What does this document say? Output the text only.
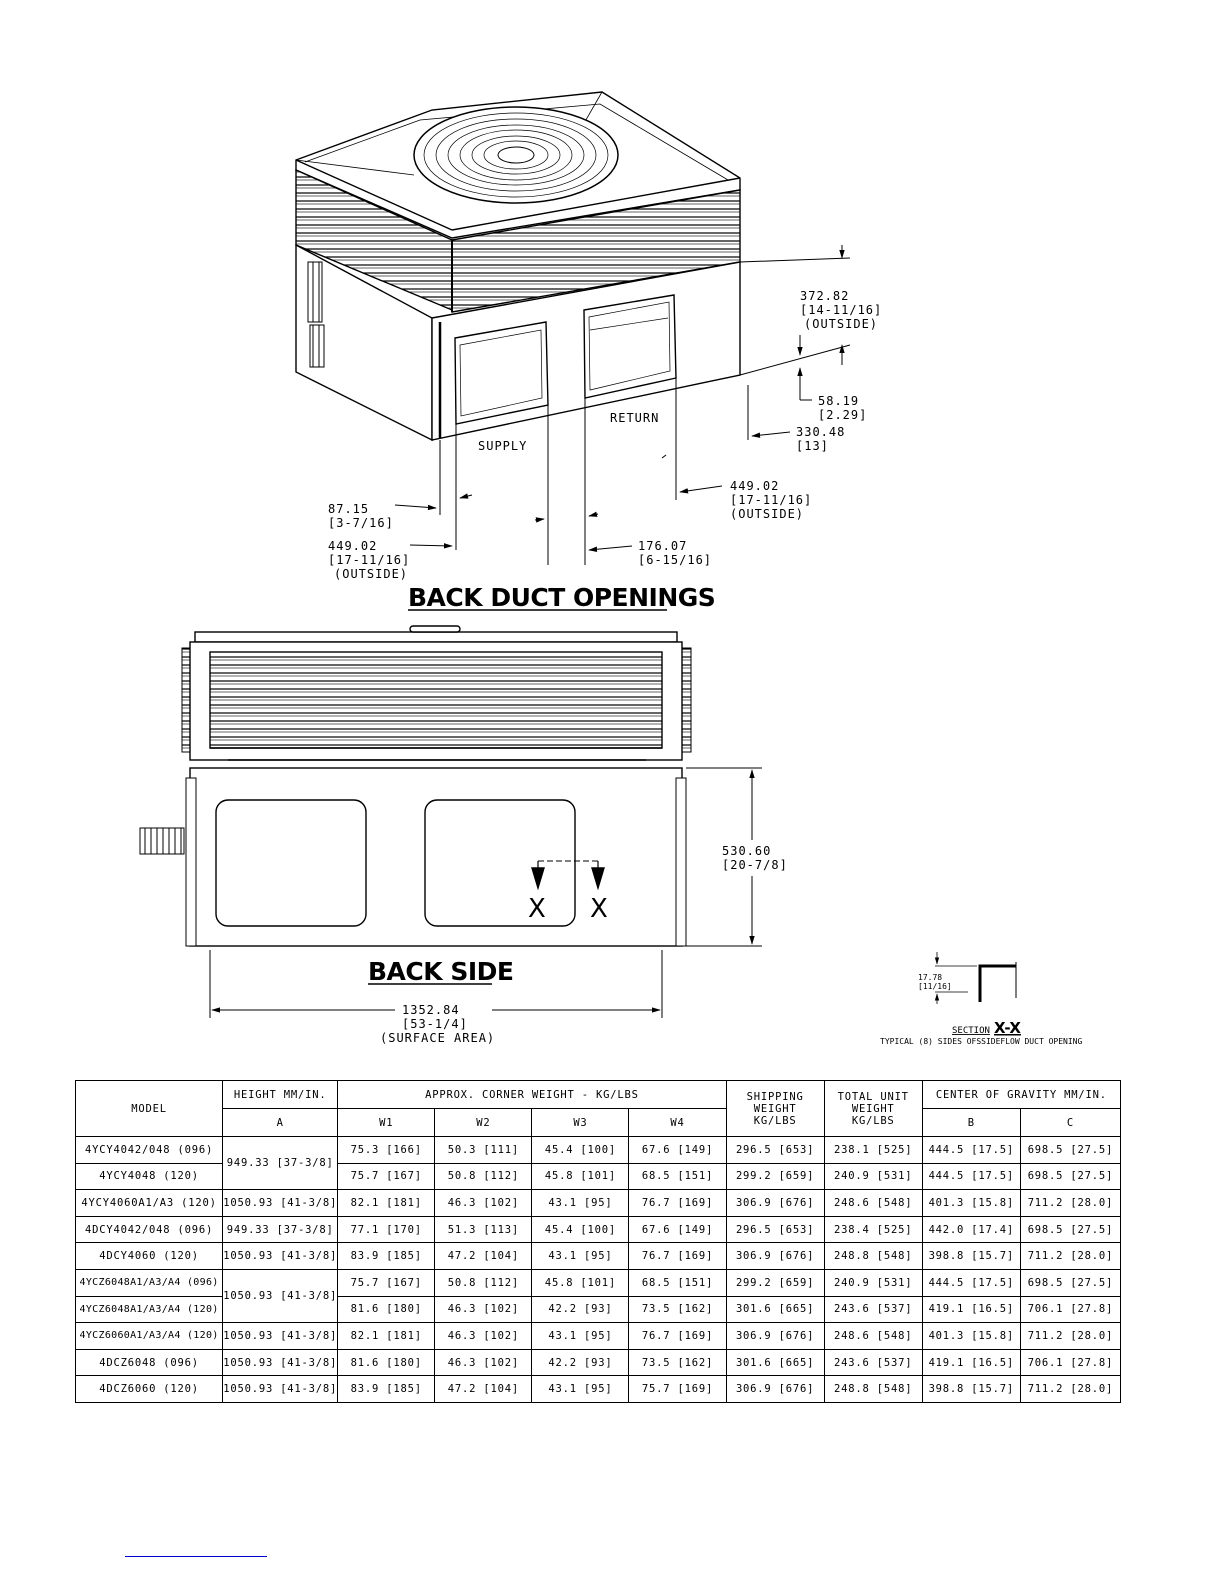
SUPPLY
RETURN
372.82
[14-11/16]
(OUTSIDE)
58.19
[2.29]
330.48
[13]
449.02
[17-11/16]
(OUTSIDE)
87.15
[3-7/16]
449.02
[17-11/16]
(OUTSIDE)
176.07
[6-15/16]
BACK DUCT OPENINGS
X X
530.60
[20-7/8]
1352.84
[53-1/4]
(SURFACE AREA)
BACK SIDE	17.78
[11/16]
SECTION X-X
TYPICAL (8) SIDES OFSSIDEFLOW DUCT OPENING
MODEL	HEIGHT MM/IN.	APPROX. CORNER WEIGHT - KG/LBS				SHIPPING
WEIGHT
KG/LBS	TOTAL UNIT
WEIGHT
KG/LBS	CENTER OF GRAVITY MM/IN.	
	A	W1	W2	W3	W4			B	C
4YCY4042/048 (096)	949.33 [37-3/8]	75.3 [166]	50.3 [111]	45.4 [100]	67.6 [149]	296.5 [653]	238.1 [525]	444.5 [17.5]	698.5 [27.5]
4YCY4048 (120)		75.7 [167]	50.8 [112]	45.8 [101]	68.5 [151]	299.2 [659]	240.9 [531]	444.5 [17.5]	698.5 [27.5]
4YCY4060A1/A3 (120)	1050.93 [41-3/8]	82.1 [181]	46.3 [102]	43.1 [95]	76.7 [169]	306.9 [676]	248.6 [548]	401.3 [15.8]	711.2 [28.0]
4DCY4042/048 (096)	949.33 [37-3/8]	77.1 [170]	51.3 [113]	45.4 [100]	67.6 [149]	296.5 [653]	238.4 [525]	442.0 [17.4]	698.5 [27.5]
4DCY4060 (120)	1050.93 [41-3/8]	83.9 [185]	47.2 [104]	43.1 [95]	76.7 [169]	306.9 [676]	248.8 [548]	398.8 [15.7]	711.2 [28.0]
4YCZ6048A1/A3/A4 (096)	1050.93 [41-3/8]	75.7 [167]	50.8 [112]	45.8 [101]	68.5 [151]	299.2 [659]	240.9 [531]	444.5 [17.5]	698.5 [27.5]
4YCZ6048A1/A3/A4 (120)		81.6 [180]	46.3 [102]	42.2 [93]	73.5 [162]	301.6 [665]	243.6 [537]	419.1 [16.5]	706.1 [27.8]
4YCZ6060A1/A3/A4 (120)	1050.93 [41-3/8]	82.1 [181]	46.3 [102]	43.1 [95]	76.7 [169]	306.9 [676]	248.6 [548]	401.3 [15.8]	711.2 [28.0]
4DCZ6048 (096)	1050.93 [41-3/8]	81.6 [180]	46.3 [102]	42.2 [93]	73.5 [162]	301.6 [665]	243.6 [537]	419.1 [16.5]	706.1 [27.8]
4DCZ6060 (120)	1050.93 [41-3/8]	83.9 [185]	47.2 [104]	43.1 [95]	75.7 [169]	306.9 [676]	248.8 [548]	398.8 [15.7]	711.2 [28.0]
